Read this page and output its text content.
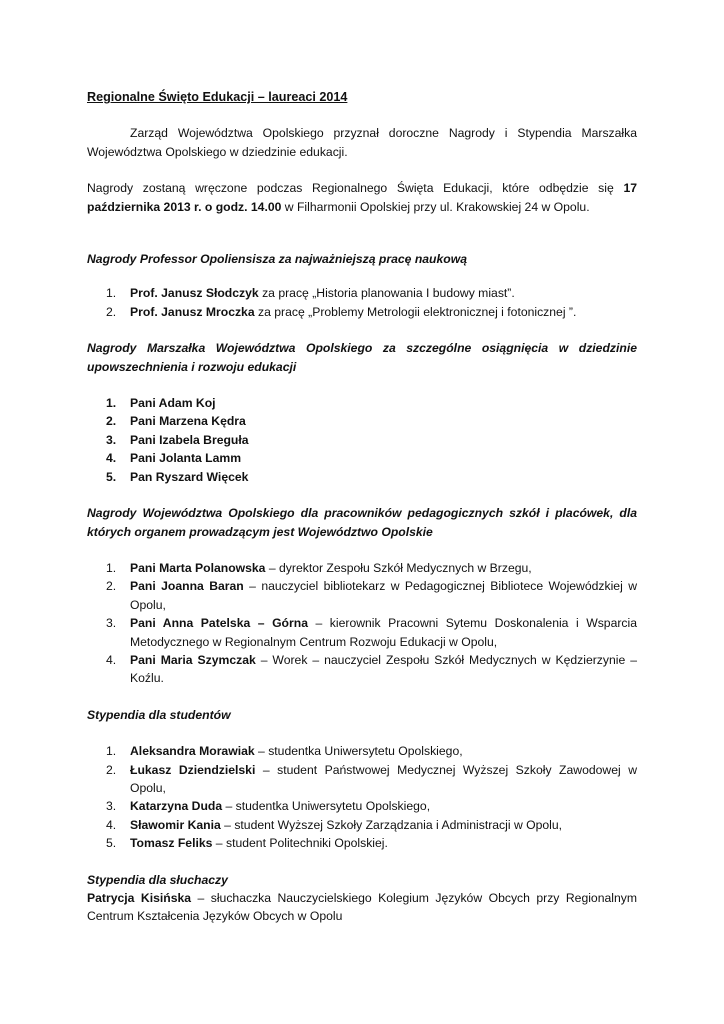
Regionalne Święto Edukacji – laureaci 2014

Zarząd Województwa Opolskiego przyznał doroczne Nagrody i Stypendia Marszałka Województwa Opolskiego w dziedzinie edukacji.

Nagrody zostaną wręczone podczas Regionalnego Święta Edukacji, które odbędzie się 17 października 2013 r. o godz. 14.00 w Filharmonii Opolskiej przy ul. Krakowskiej 24 w Opolu.

Nagrody Professor Opoliensisza za najważniejszą pracę naukową
1. Prof. Janusz Słodczyk za pracę „Historia planowania I budowy miast”.
2. Prof. Janusz Mroczka za pracę „Problemy Metrologii elektronicznej i fotonicznej ”.
Nagrody Marszałka Województwa Opolskiego za szczególne osiągnięcia w dziedzinie upowszechnienia i rozwoju edukacji
1. Pani Adam Koj
2. Pani Marzena Kędra
3. Pani Izabela Breguła
4. Pani Jolanta Lamm
5. Pan Ryszard Więcek
Nagrody Województwa Opolskiego dla pracowników pedagogicznych szkół i placówek, dla których organem prowadzącym jest Województwo Opolskie
1. Pani Marta Polanowska – dyrektor Zespołu Szkół Medycznych w Brzegu,
2. Pani Joanna Baran – nauczyciel bibliotekarz w Pedagogicznej Bibliotece Wojewódzkiej w Opolu,
3. Pani Anna Patelska – Górna – kierownik Pracowni Sytemu Doskonalenia i Wsparcia Metodycznego w Regionalnym Centrum Rozwoju Edukacji w Opolu,
4. Pani Maria Szymczak – Worek – nauczyciel Zespołu Szkół Medycznych w Kędzierzynie – Koźlu.
Stypendia dla studentów
1. Aleksandra Morawiak – studentka Uniwersytetu Opolskiego,
2. Łukasz Dziendzielski – student Państwowej Medycznej Wyższej Szkoły Zawodowej w Opolu,
3. Katarzyna Duda – studentka Uniwersytetu Opolskiego,
4. Sławomir Kania – student Wyższej Szkoły Zarządzania i Administracji w Opolu,
5. Tomasz Feliks – student Politechniki Opolskiej.
Stypendia dla słuchaczy

Patrycja Kisińska – słuchaczka Nauczycielskiego Kolegium Języków Obcych przy Regionalnym Centrum Kształcenia Języków Obcych w Opolu
